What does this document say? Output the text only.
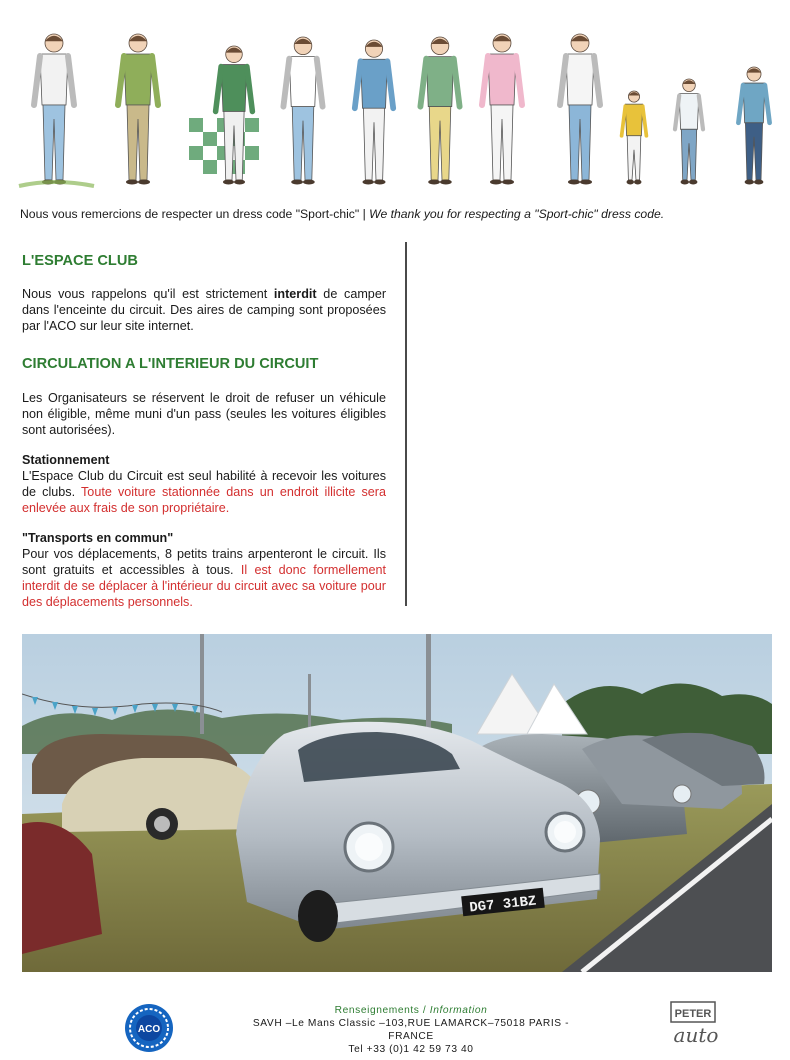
Nous vous remercions de respecter un dress code "Sport-chic" | We thank you for respecting a "Sport-chic" dress code.
L'ESPACE CLUB
Nous vous rappelons qu'il est strictement interdit de camper dans l'enceinte du circuit. Des aires de camping sont proposées par l'ACO sur leur site internet.
CIRCULATION A L'INTERIEUR DU CIRCUIT
Les Organisateurs se réservent le droit de refuser un véhicule non éligible, même muni d'un pass (seules les voitures éligibles sont autorisées).
Stationnement
L'Espace Club du Circuit est seul habilité à recevoir les voitures de clubs. Toute voiture stationnée dans un endroit illicite sera enlevée aux frais de son propriétaire.
"Transports en commun"
Pour vos déplacements, 8 petits trains arpenteront le circuit. Ils sont gratuits et accessibles à tous. Il est donc formellement interdit de se déplacer à l'intérieur du circuit avec sa voiture pour des déplacements personnels.
DG7 31BZ
ACO
Renseignements / Information
SAVH –Le Mans Classic –103,RUE LAMARCK–75018 PARIS -
FRANCE
Tel +33 (0)1 42 59 73 40
PETER
auto
